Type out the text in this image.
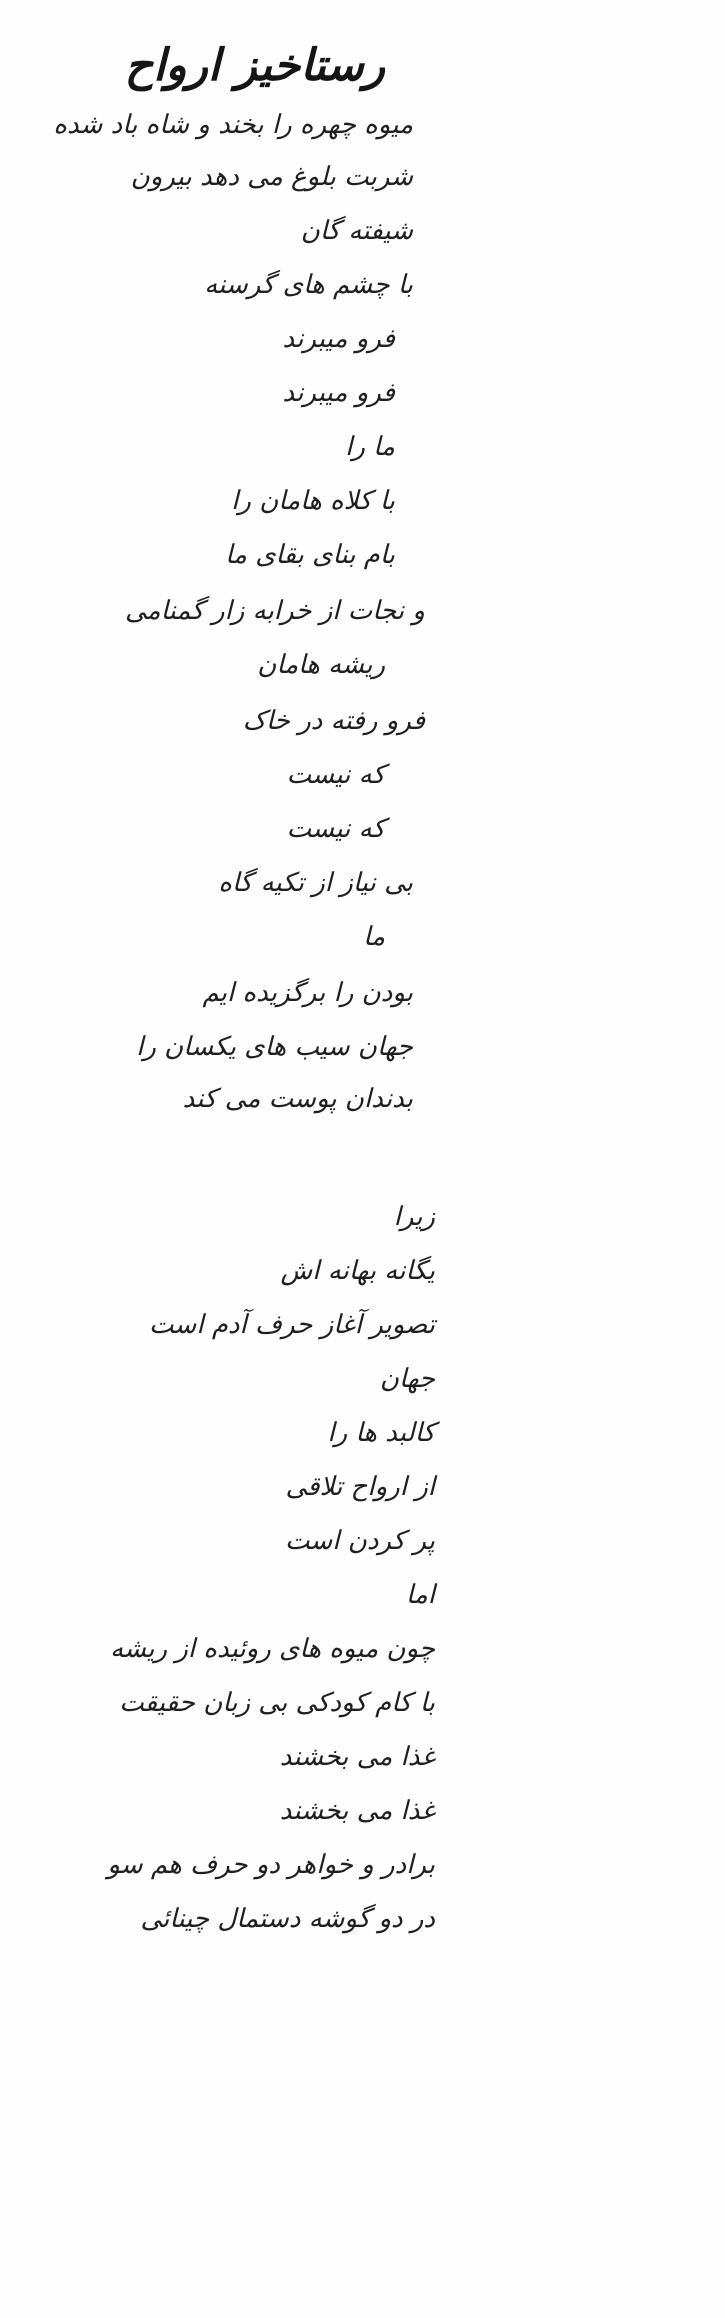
رستاخیز ارواح
میوه چهره را بخند و شاه باد شده
شربت بلوغ می دهد بیرون
شیفته گان
با چشم های گرسنه
فرو میبرند
فرو میبرند
ما را
با کلاه هامان را
بام بنای بقای ما
و نجات از خرابه زار گمنامی
ریشه هامان
فرو رفته در خاک
که نیست
که نیست
بی نیاز از تکیه گاه
ما
بودن را برگزیده ایم
جهان سیب های یکسان را
بدندان پوست می کند
زیرا
یگانه بهانه اش
تصویر آغاز حرف آدم است
جهان
کالبد ها را
از ارواح تلاقی
پر کردن است
اما
چون میوه های روئیده از ریشه
با کام کودکی بی زبان حقیقت
غذا می بخشند
غذا می بخشند
برادر و خواهر دو حرف هم سو
در دو گوشه دستمال چینائی
